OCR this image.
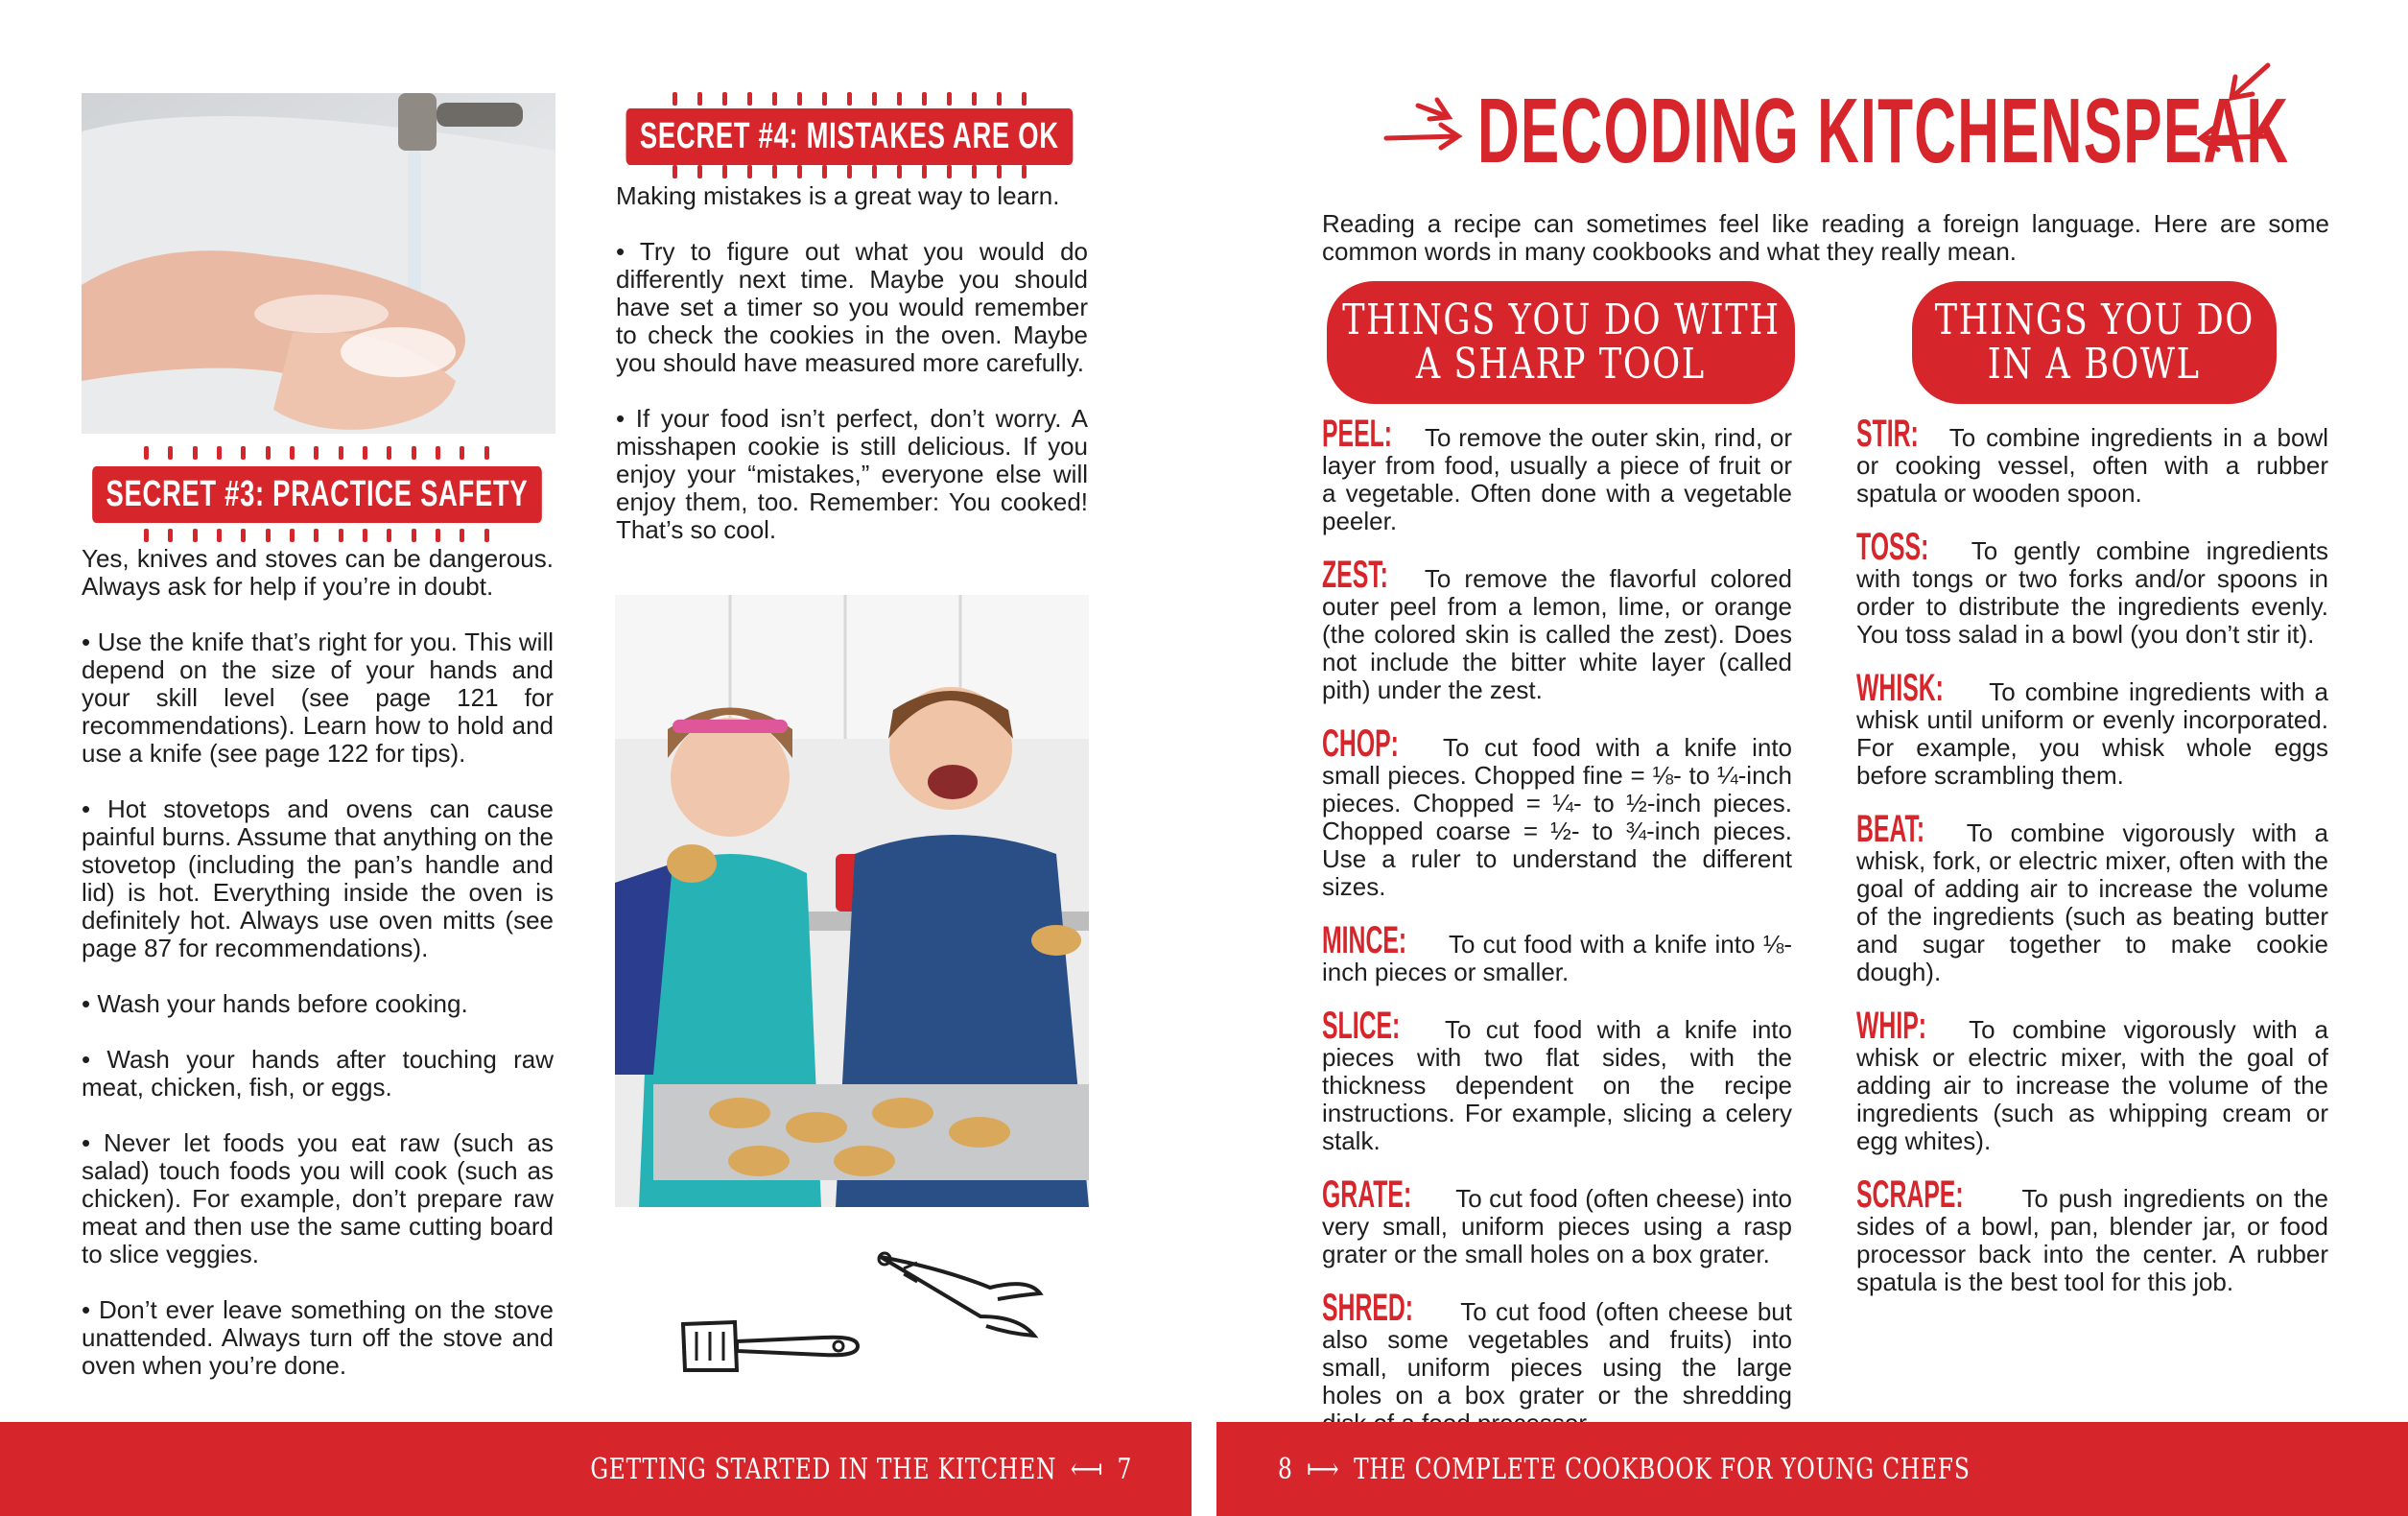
SECRET #3: PRACTICE SAFETY

Yes, knives and stoves can be dangerous. Always ask for help if you’re in doubt.

• Use the knife that’s right for you. This will depend on the size of your hands and your skill level (see page 121 for recommendations). Learn how to hold and use a knife (see page 122 for tips).

• Hot stovetops and ovens can cause painful burns. Assume that anything on the stovetop (including the pan’s handle and lid) is hot. Everything inside the oven is definitely hot. Always use oven mitts (see page 87 for recommendations).

• Wash your hands before cooking.

• Wash your hands after touching raw meat, chicken, fish, or eggs.

• Never let foods you eat raw (such as salad) touch foods you will cook (such as chicken). For example, don’t prepare raw meat and then use the same cutting board to slice veggies.

• Don’t ever leave something on the stove unattended. Always turn off the stove and oven when you’re done.

SECRET #4: MISTAKES ARE OK

Making mistakes is a great way to learn.

• Try to figure out what you would do differently next time. Maybe you should have set a timer so you would remember to check the cookies in the oven. Maybe you should have measured more carefully.

• If your food isn’t perfect, don’t worry. A misshapen cookie is still delicious. If you enjoy your “mistakes,” everyone else will enjoy them, too. Remember: You cooked! That’s so cool.

GETTING STARTED IN THE KITCHEN ⟻ 7
DECODING KITCHENSPEAK
Reading a recipe can sometimes feel like reading a foreign language. Here are some common words in many cookbooks and what they really mean.
THINGS YOU DO WITH
A SHARP TOOL
THINGS YOU DO
IN A BOWL
PEEL: To remove the outer skin, rind, or layer from food, usually a piece of fruit or a vegetable. Often done with a vegetable peeler.
ZEST: To remove the flavorful colored outer peel from a lemon, lime, or orange (the colored skin is called the zest). Does not include the bitter white layer (called pith) under the zest.
CHOP: To cut food with a knife into small pieces. Chopped fine = ⅛- to ¼-inch pieces. Chopped = ¼- to ½-inch pieces. Chopped coarse = ½- to ¾-inch pieces. Use a ruler to understand the different sizes.
MINCE: To cut food with a knife into ⅛-inch pieces or smaller.
SLICE: To cut food with a knife into pieces with two flat sides, with the thickness dependent on the recipe instructions. For example, slicing a celery stalk.
GRATE: To cut food (often cheese) into very small, uniform pieces using a rasp grater or the small holes on a box grater.
SHRED: To cut food (often cheese but also some vegetables and fruits) into small, uniform pieces using the large holes on a box grater or the shredding
STIR: To combine ingredients in a bowl or cooking vessel, often with a rubber spatula or wooden spoon.
TOSS: To gently combine ingredients with tongs or two forks and/or spoons in order to distribute the ingredients evenly. You toss salad in a bowl (you don’t stir it).
WHISK: To combine ingredients with a whisk until uniform or evenly incorporated. For example, you whisk whole eggs before scrambling them.
BEAT: To combine vigorously with a whisk, fork, or electric mixer, often with the goal of adding air to increase the volume of the ingredients (such as beating butter and sugar together to make cookie dough).
WHIP: To combine vigorously with a whisk or electric mixer, with the goal of adding air to increase the volume of the ingredients (such as whipping cream or egg whites).
SCRAPE: To push ingredients on the sides of a bowl, pan, blender jar, or food processor back into the center. A rubber spatula is the best tool for this job.
8 ⟼ THE COMPLETE COOKBOOK FOR YOUNG CHEFS
